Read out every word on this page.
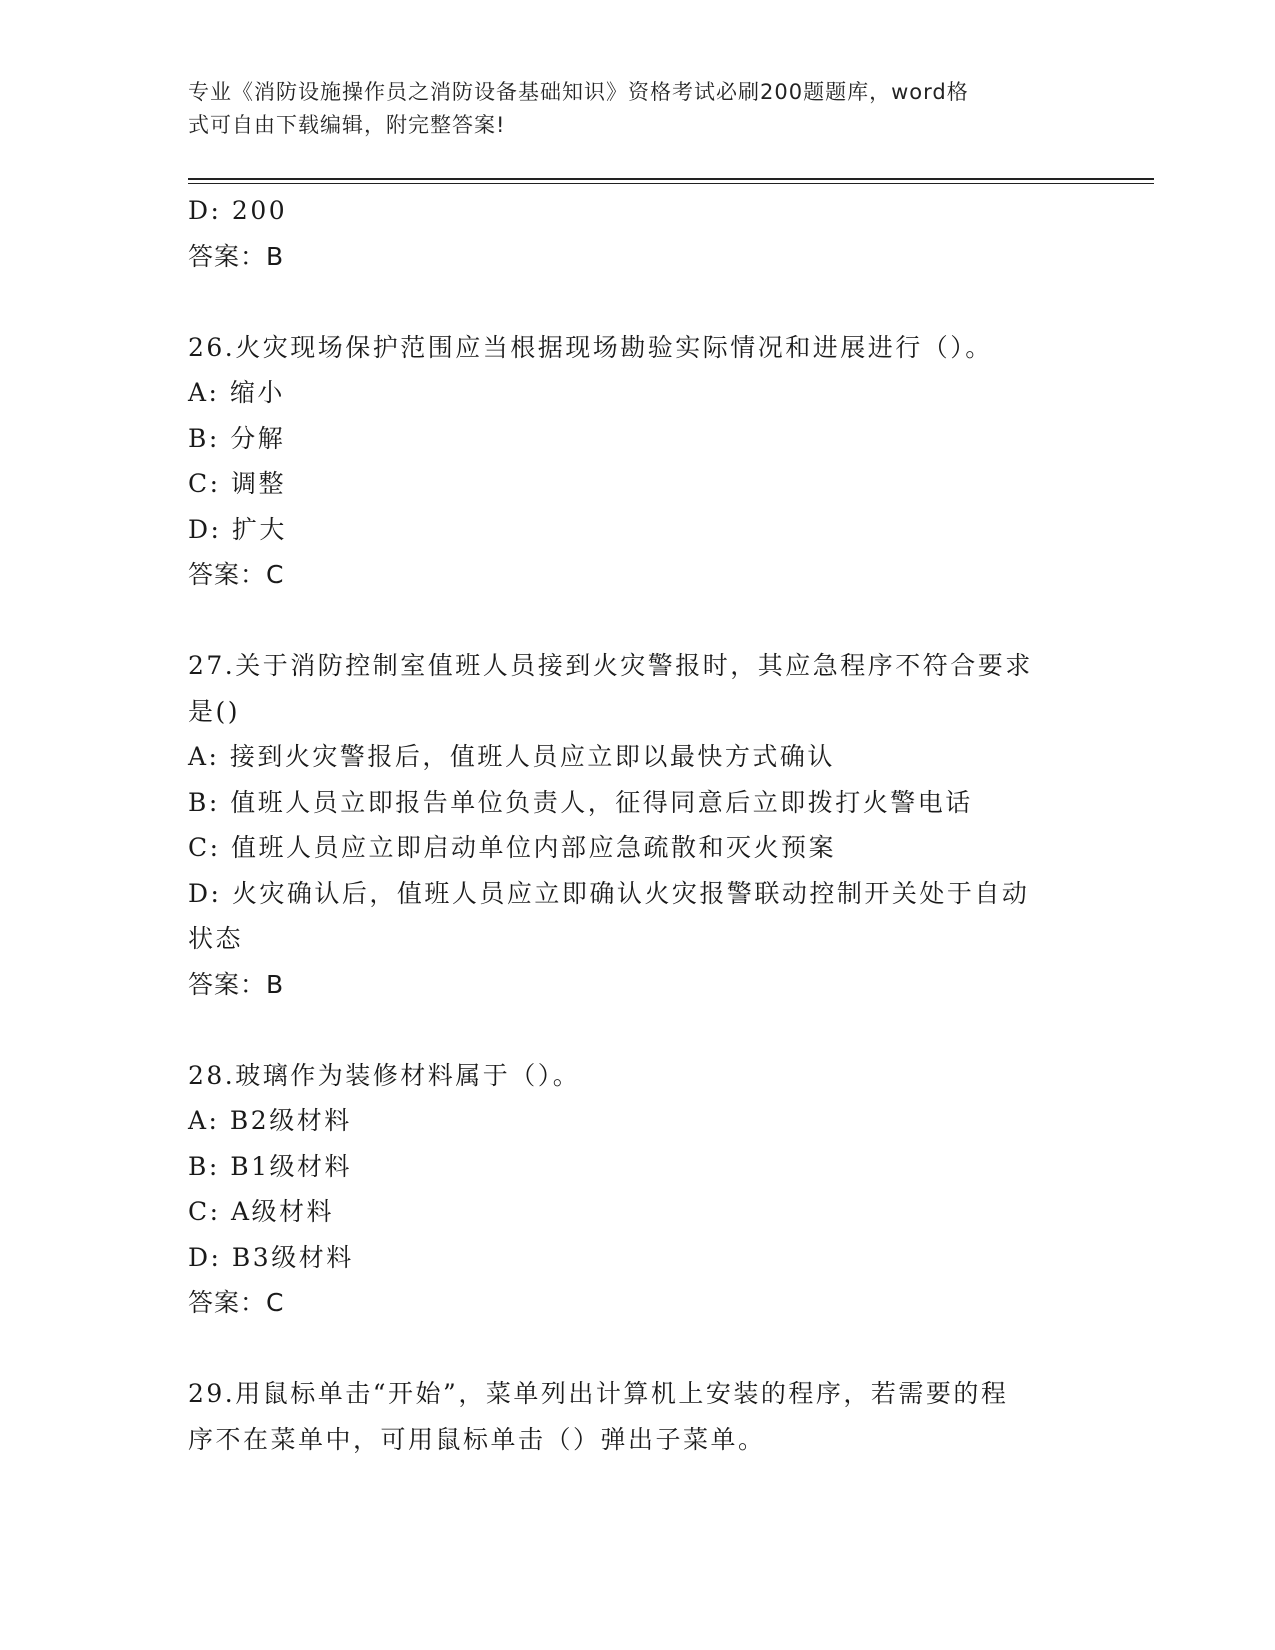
专业《消防设施操作员之消防设备基础知识》资格考试必刷200题题库，word格
式可自由下载编辑，附完整答案!
D: 200
答案：B
26.火灾现场保护范围应当根据现场勘验实际情况和进展进行（）。
A: 缩小
B: 分解
C: 调整
D: 扩大
答案：C
27.关于消防控制室值班人员接到火灾警报时，其应急程序不符合要求
是()
A: 接到火灾警报后，值班人员应立即以最快方式确认
B: 值班人员立即报告单位负责人，征得同意后立即拨打火警电话
C: 值班人员应立即启动单位内部应急疏散和灭火预案
D: 火灾确认后，值班人员应立即确认火灾报警联动控制开关处于自动
状态
答案：B
28.玻璃作为装修材料属于（）。
A: B2级材料
B: B1级材料
C: A级材料
D: B3级材料
答案：C
29.用鼠标单击“开始”，菜单列出计算机上安装的程序，若需要的程
序不在菜单中，可用鼠标单击（）弹出子菜单。
